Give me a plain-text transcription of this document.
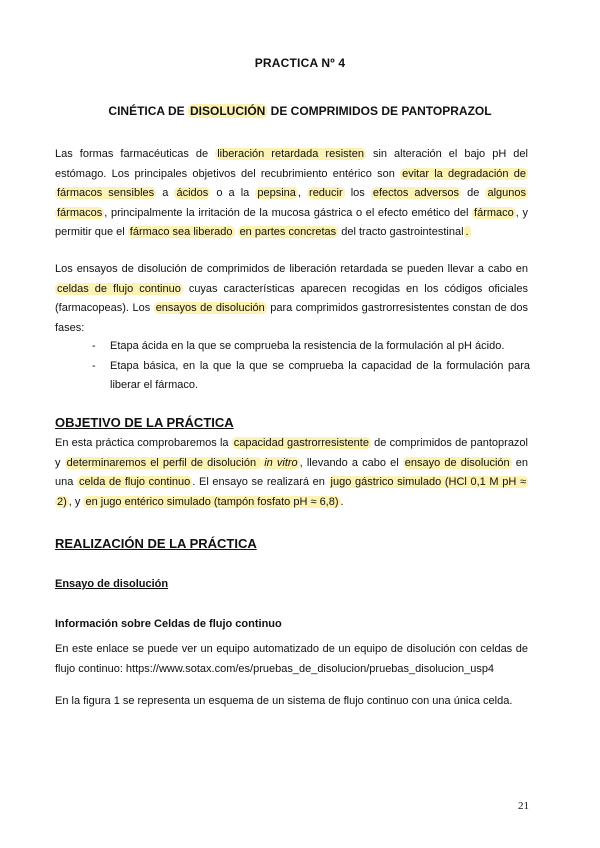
PRACTICA Nº 4
CINÉTICA DE DISOLUCIÓN DE COMPRIMIDOS DE PANTOPRAZOL
Las formas farmacéuticas de liberación retardada resisten sin alteración el bajo pH del estómago. Los principales objetivos del recubrimiento entérico son evitar la degradación de fármacos sensibles a ácidos o a la pepsina , reducir los efectos adversos de algunos fármacos , principalmente la irritación de la mucosa gástrica o el efecto emético del fármaco , y permitir que el fármaco sea liberado en partes concretas del tracto gastrointestinal .
Los ensayos de disolución de comprimidos de liberación retardada se pueden llevar a cabo en celdas de flujo continuo cuyas características aparecen recogidas en los códigos oficiales (farmacopeas). Los ensayos de disolución para comprimidos gastrorresistentes constan de dos fases:
- Etapa ácida en la que se comprueba la resistencia de la formulación al pH ácido.
- Etapa básica, en la que la que se comprueba la capacidad de la formulación para liberar el fármaco.
OBJETIVO DE LA PRÁCTICA
En esta práctica comprobaremos la capacidad gastrorresistente de comprimidos de pantoprazol y determinaremos el perfil de disolución in vitro , llevando a cabo el ensayo de disolución en una celda de flujo continuo . El ensayo se realizará en jugo gástrico simulado (HCl 0,1 M pH ≈ 2) , y en jugo entérico simulado (tampón fosfato pH ≈ 6,8) .
REALIZACIÓN DE LA PRÁCTICA
Ensayo de disolución
Información sobre Celdas de flujo continuo
En este enlace se puede ver un equipo automatizado de un equipo de disolución con celdas de flujo continuo: https://www.sotax.com/es/pruebas_de_disolucion/pruebas_disolucion_usp4
En la figura 1 se representa un esquema de un sistema de flujo continuo con una única celda.
21
